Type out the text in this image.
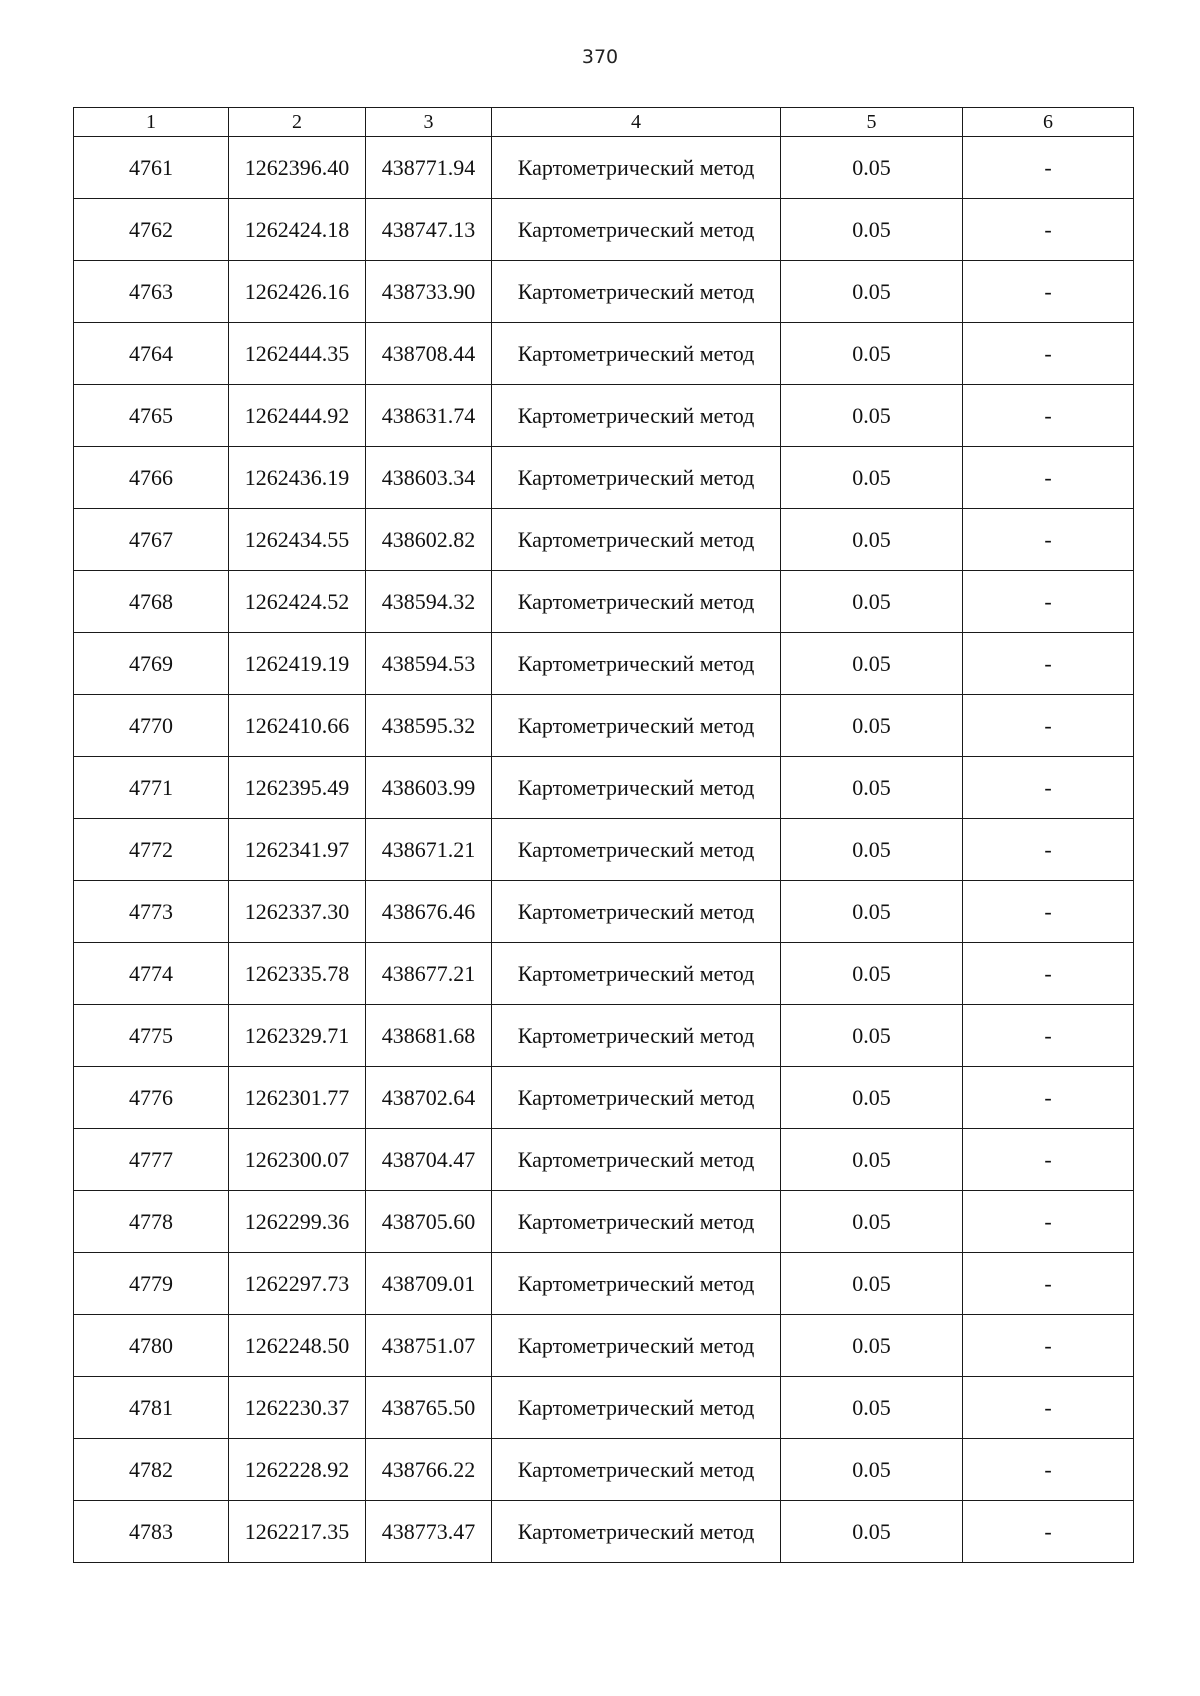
370
1	2	3	4	5	6
4761	1262396.40	438771.94	Картометрический метод	0.05	-
4762	1262424.18	438747.13	Картометрический метод	0.05	-
4763	1262426.16	438733.90	Картометрический метод	0.05	-
4764	1262444.35	438708.44	Картометрический метод	0.05	-
4765	1262444.92	438631.74	Картометрический метод	0.05	-
4766	1262436.19	438603.34	Картометрический метод	0.05	-
4767	1262434.55	438602.82	Картометрический метод	0.05	-
4768	1262424.52	438594.32	Картометрический метод	0.05	-
4769	1262419.19	438594.53	Картометрический метод	0.05	-
4770	1262410.66	438595.32	Картометрический метод	0.05	-
4771	1262395.49	438603.99	Картометрический метод	0.05	-
4772	1262341.97	438671.21	Картометрический метод	0.05	-
4773	1262337.30	438676.46	Картометрический метод	0.05	-
4774	1262335.78	438677.21	Картометрический метод	0.05	-
4775	1262329.71	438681.68	Картометрический метод	0.05	-
4776	1262301.77	438702.64	Картометрический метод	0.05	-
4777	1262300.07	438704.47	Картометрический метод	0.05	-
4778	1262299.36	438705.60	Картометрический метод	0.05	-
4779	1262297.73	438709.01	Картометрический метод	0.05	-
4780	1262248.50	438751.07	Картометрический метод	0.05	-
4781	1262230.37	438765.50	Картометрический метод	0.05	-
4782	1262228.92	438766.22	Картометрический метод	0.05	-
4783	1262217.35	438773.47	Картометрический метод	0.05	-
